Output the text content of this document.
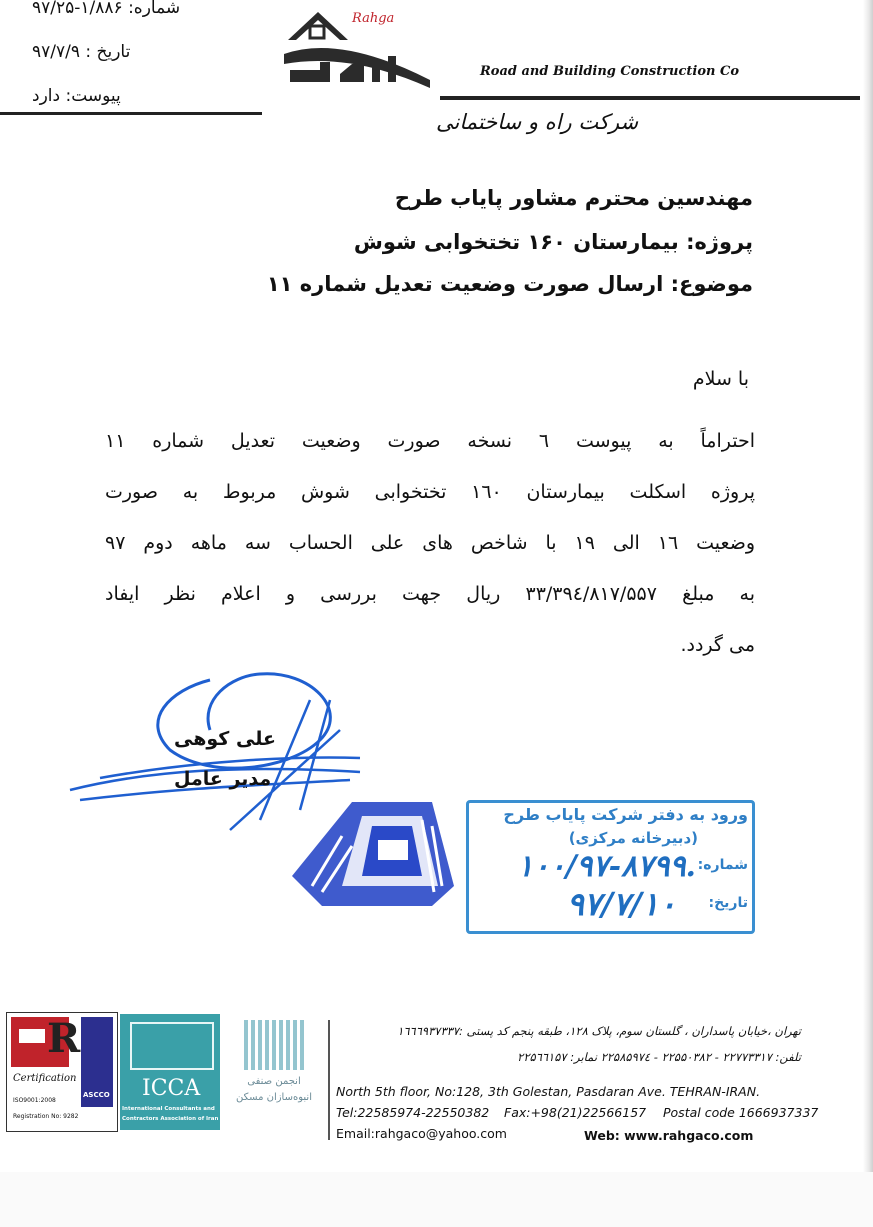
شماره: ۱/۸۸۶-۹۷/۲۵
تاریخ : ۹۷/۷/۹
پیوست: دارد
Rahga
Road and Building Construction Co
شرکت راه و ساختمانی
مهندسین محترم مشاور پایاب طرح
پروژه: بیمارستان ۱۶۰ تختخوابی شوش
موضوع: ارسال صورت وضعیت تعدیل شماره ۱۱
با سلام
احتراماً به پیوست ٦ نسخه صورت وضعیت تعدیل شماره ۱۱
پروژه اسکلت بیمارستان ۱٦٠ تختخوابی شوش مربوط به صورت
وضعیت ۱٦ الی ۱۹ با شاخص های علی الحساب سه ماهه دوم ۹۷
به مبلغ ۳۳/۳۹٤/۸۱۷/۵۵۷ ریال جهت بررسی و اعلام نظر ایفاد
می گردد.
علی کوهی
مدیر عامل
ورود به دفتر شرکت پایاب طرح
(دبیرخانه مرکزی)
شماره:
۱۰۰/۹۷-۸۷۹۹.
تاریخ:
۹۷/۷/۱۰
R
ASCCO
Certification
ISO9001:2008
Registration No: 9282
ICCA
International Consultants and
Contractors Association of Iran
انجمن صنفی
انبوه‌سازان مسکن
تهران ،خیابان پاسداران ، گلستان سوم، پلاک ۱۲۸، طبقه پنجم کد پستی :۱٦٦٦۹۳۷۳۳۷
تلفن: ۲۲۷۷۳۳۱۷ - ۲۲۵۵۰۳۸۲ - ۲۲۵۸۵۹۷٤ نمابر: ۲۲۵٦٦۱۵۷
North 5th floor, No:128, 3th Golestan, Pasdaran Ave. TEHRAN-IRAN.
Tel:22585974-22550382 Fax:+98(21)22566157 Postal code 1666937337
Email:rahgaco@yahoo.com	Web: www.rahgaco.com
